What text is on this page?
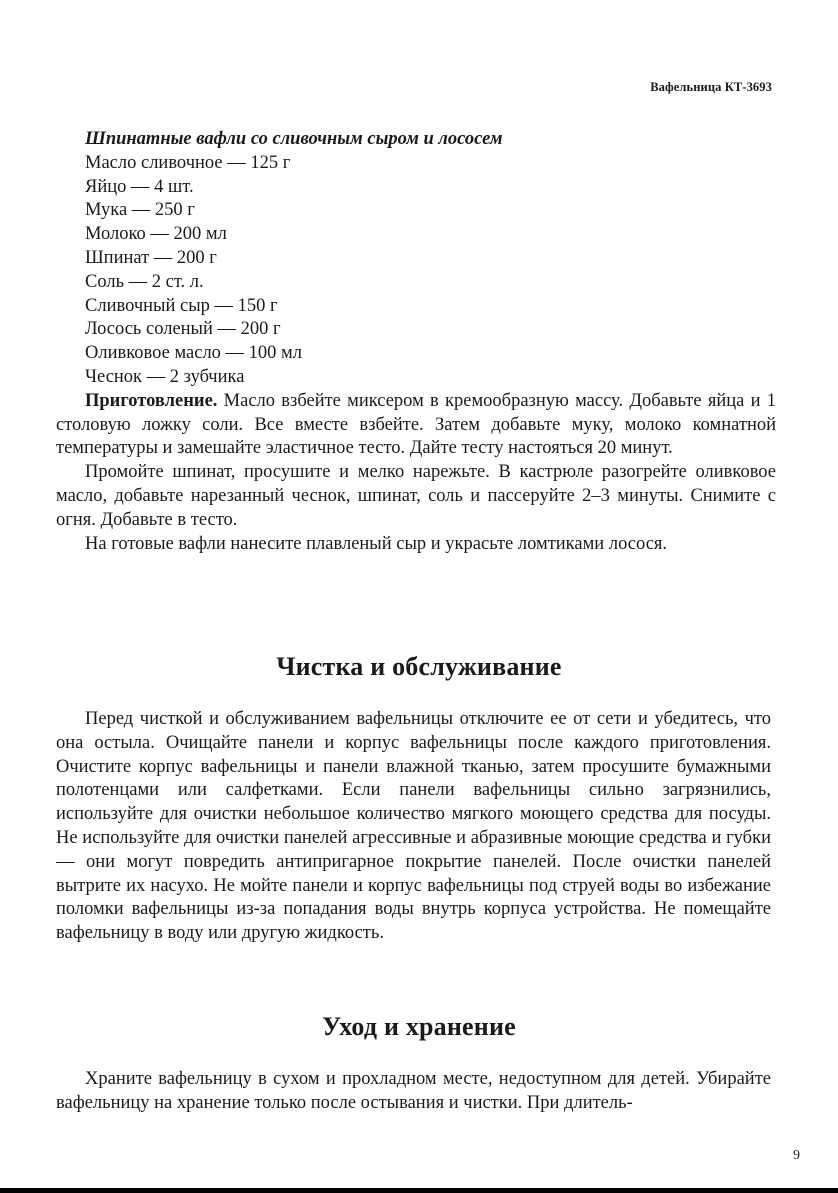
Вафельница КТ-3693

Шпинатные вафли со сливочным сыром и лососем

Масло сливочное — 125 г
Яйцо — 4 шт.
Мука — 250 г
Молоко — 200 мл
Шпинат — 200 г
Соль — 2 ст. л.
Сливочный сыр — 150 г
Лосось соленый — 200 г
Оливковое масло — 100 мл
Чеснок — 2 зубчика

Приготовление. Масло взбейте миксером в кремообразную массу. Добавьте яйца и 1 столовую ложку соли. Все вместе взбейте. Затем добавьте муку, молоко комнатной температуры и замешайте эластичное тесто. Дайте тесту настояться 20 минут.

Промойте шпинат, просушите и мелко нарежьте. В кастрюле разогрейте оливковое масло, добавьте нарезанный чеснок, шпинат, соль и пассеруйте 2–3 минуты. Снимите с огня. Добавьте в тесто.

На готовые вафли нанесите плавленый сыр и украсьте ломтиками лосося.

Чистка и обслуживание

Перед чисткой и обслуживанием вафельницы отключите ее от сети и убедитесь, что она остыла. Очищайте панели и корпус вафельницы после каждого приготовления. Очистите корпус вафельницы и панели влажной тканью, затем просушите бумажными полотенцами или салфетками. Если панели вафельницы сильно загрязнились, используйте для очистки небольшое количество мягкого моющего средства для посуды. Не используйте для очистки панелей агрессивные и абразивные моющие средства и губки — они могут повредить антипригарное покрытие панелей. После очистки панелей вытрите их насухо. Не мойте панели и корпус вафельницы под струей воды во избежание поломки вафельницы из-за попадания воды внутрь корпуса устройства. Не помещайте вафельницу в воду или другую жидкость.

Уход и хранение

Храните вафельницу в сухом и прохладном месте, недоступном для детей. Убирайте вафельницу на хранение только после остывания и чистки. При длитель-

9
